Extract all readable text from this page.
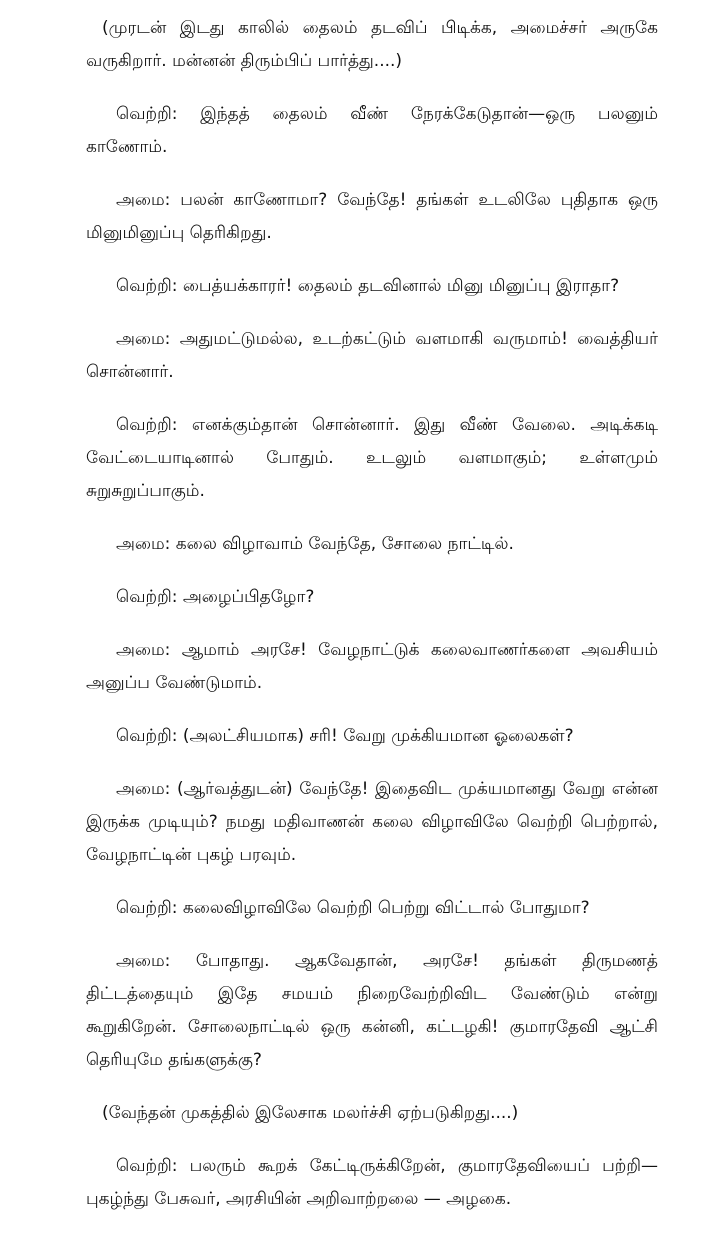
(முரடன் இடது காலில் தைலம் தடவிப் பிடிக்க, அமைச்சர் அருகே வருகிறார். மன்னன் திரும்பிப் பார்த்து....)

வெற்றி: இந்தத் தைலம் வீண் நேரக்கேடுதான்—ஒரு பலனும் காணோம்.

அமை: பலன் காணோமா? வேந்தே! தங்கள் உடலிலே புதிதாக ஒரு மினுமினுப்பு தெரிகிறது.

வெற்றி: பைத்யக்காரர்! தைலம் தடவினால் மினு மினுப்பு இராதா?

அமை: அதுமட்டுமல்ல, உடற்கட்டும் வளமாகி வருமாம்! வைத்தியர் சொன்னார்.

வெற்றி: எனக்கும்தான் சொன்னார். இது வீண் வேலை. அடிக்கடி வேட்டையாடினால் போதும். உடலும் வளமாகும்; உள்ளமும் சுறுசுறுப்பாகும்.

அமை: கலை விழாவாம் வேந்தே, சோலை நாட்டில்.

வெற்றி: அழைப்பிதழோ?

அமை: ஆமாம் அரசே! வேழநாட்டுக் கலைவாணர்களை அவசியம் அனுப்ப வேண்டுமாம்.

வெற்றி: (அலட்சியமாக) சரி! வேறு முக்கியமான ஓலைகள்?

அமை: (ஆர்வத்துடன்) வேந்தே! இதைவிட முக்யமானது வேறு என்ன இருக்க முடியும்? நமது மதிவாணன் கலை விழாவிலே வெற்றி பெற்றால், வேழநாட்டின் புகழ் பரவும்.

வெற்றி: கலைவிழாவிலே வெற்றி பெற்று விட்டால் போதுமா?

அமை: போதாது. ஆகவேதான், அரசே! தங்கள் திருமணத் திட்டத்தையும் இதே சமயம் நிறைவேற்றிவிட வேண்டும் என்று கூறுகிறேன். சோலைநாட்டில் ஒரு கன்னி, கட்டழகி! குமாரதேவி ஆட்சி தெரியுமே தங்களுக்கு?

(வேந்தன் முகத்தில் இலேசாக மலர்ச்சி ஏற்படுகிறது....)

வெற்றி: பலரும் கூறக் கேட்டிருக்கிறேன், குமாரதேவியைப் பற்றி—புகழ்ந்து பேசுவர், அரசியின் அறிவாற்றலை — அழகை.
